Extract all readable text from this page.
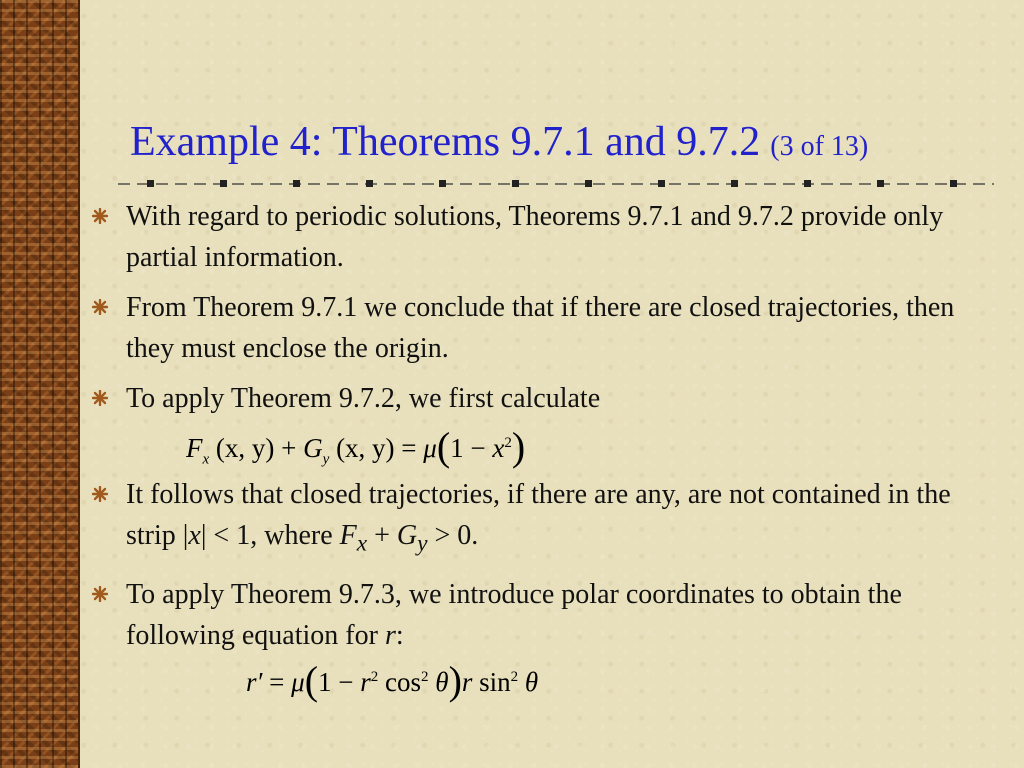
Example 4: Theorems 9.7.1 and 9.7.2 (3 of 13)
With regard to periodic solutions, Theorems 9.7.1 and 9.7.2 provide only partial information.
From Theorem 9.7.1 we conclude that if there are closed trajectories, then they must enclose the origin.
To apply Theorem 9.7.2, we first calculate
It follows that closed trajectories, if there are any, are not contained in the strip |x| < 1, where $F_x + G_y > 0$.
To apply Theorem 9.7.3, we introduce polar coordinates to obtain the following equation for r:
$F_x$ (x, $y) + G_y$ (x, $y) = \mu(1 - x^2)$
$r' = \mu(1 - r^2$ $\cos^2 \theta)r$ $\sin^2 \theta$
